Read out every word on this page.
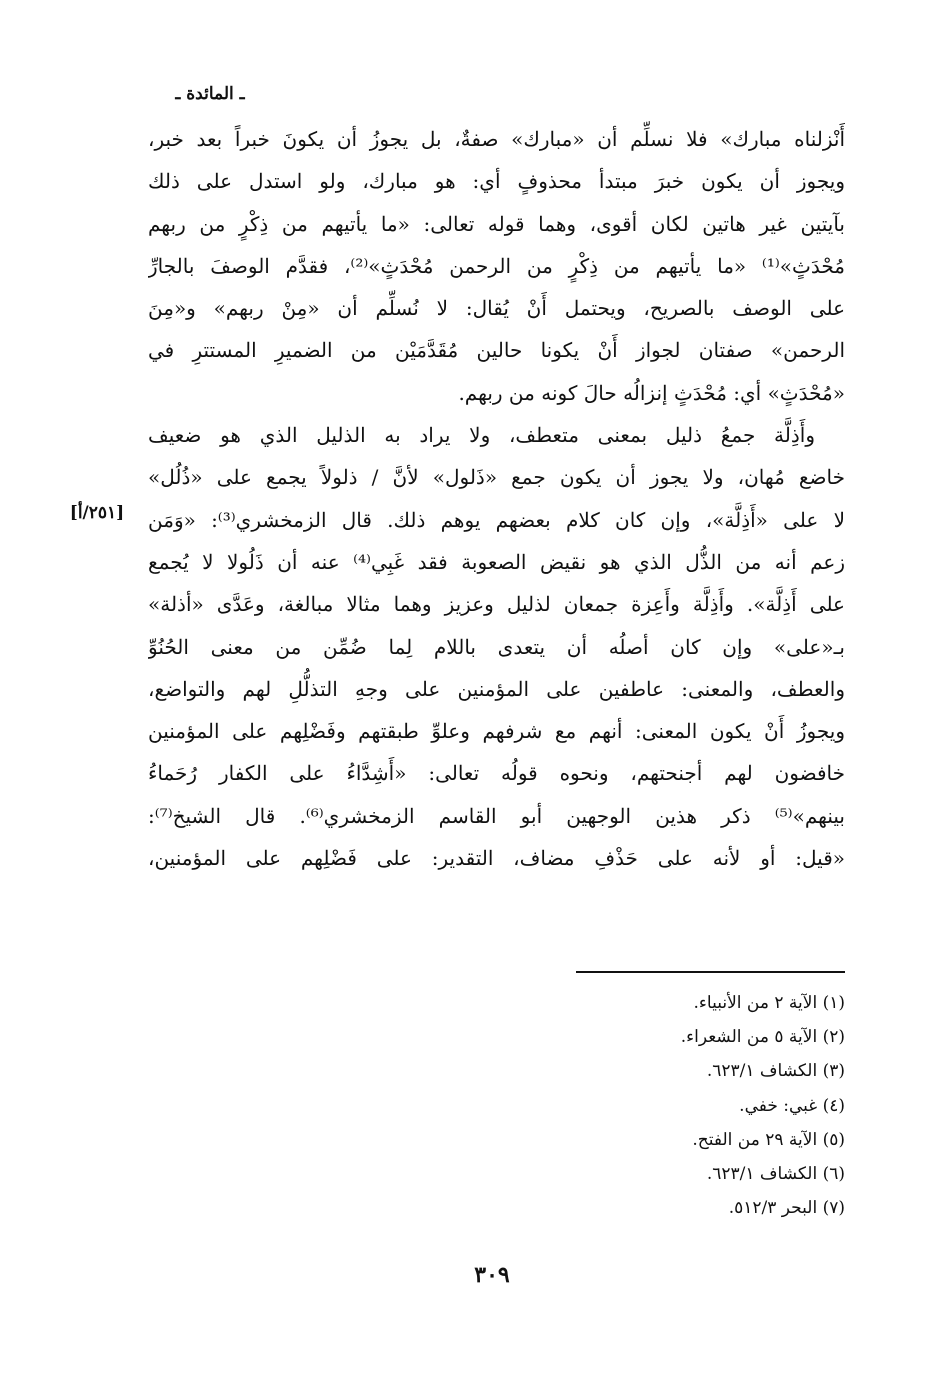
ـ المائدة ـ
أَنْزلناه مبارك» فلا نسلِّم أن «مبارك» صفةٌ، بل يجوزُ أن يكونَ خبراً بعد خبر،
ويجوز أن يكون خبرَ مبتدأ محذوفٍ أي: هو مبارك، ولو استدل على ذلك
بآيتين غير هاتين لكان أقوى، وهما قوله تعالى: «ما يأتيهم من ذِكْرٍ من ربهم
مُحْدَثٍ»⁽¹⁾ «ما يأتيهم من ذِكْرٍ من الرحمن مُحْدَثٍ»⁽²⁾، فقدَّم الوصفَ بالجارِّ
على الوصف بالصريح، ويحتمل أَنْ يُقال: لا نُسلِّم أن «مِنْ ربهم» و«مِنَ
الرحمن» صفتان لجواز أَنْ يكونا حالين مُقَدَّمَيْن من الضميرِ المستترِ في
«مُحْدَثٍ» أي: مُحْدَثٍ إنزالُه حالَ كونه من ربهم.
وأَذِلَّة جمعُ ذليل بمعنى متعطف، ولا يراد به الذليل الذي هو ضعيف
خاضع مُهان، ولا يجوز أن يكون جمع «ذَلول» لأنَّ / ذلولاً يجمع على «ذُلُل»
لا على «أَذِلَّة»، وإن كان كلام بعضهم يوهم ذلك. قال الزمخشري⁽³⁾: «وَمَن
زعم أنه من الذُّل الذي هو نقيض الصعوبة فقد غَبِي⁽⁴⁾ عنه أن ذَلُولا لا يُجمع
على أَذِلَّة». وأَذِلَّة وأَعِزة جمعان لذليل وعزيز وهما مثالا مبالغة، وعَدَّى «أذلة»
بـ«على» وإن كان أصلُه أن يتعدى باللام لِما ضُمِّن من معنى الحُنُوِّ
والعطف، والمعنى: عاطفين على المؤمنين على وجهِ التذلُّلِ لهم والتواضع،
ويجوزُ أَنْ يكون المعنى: أنهم مع شرفهم وعلوِّ طبقتهم وفَضْلِهم على المؤمنين
خافضون لهم أجنحتهم، ونحوه قولُه تعالى: «أَشِدَّاءُ على الكفار رُحَماءُ
بينهم»⁽⁵⁾ ذكر هذين الوجهين أبو القاسم الزمخشري⁽⁶⁾. قال الشيخ⁽⁷⁾:
«قيل: أو لأنه على حَذْفِ مضاف، التقدير: على فَضْلِهم على المؤمنين،
[٢٥١/أ]
(١) الآية ٢ من الأنبياء.
(٢) الآية ٥ من الشعراء.
(٣) الكشاف ٦٢٣/١.
(٤) غبي: خفي.
(٥) الآية ٢٩ من الفتح.
(٦) الكشاف ٦٢٣/١.
(٧) البحر ٥١٢/٣.
٣٠٩
